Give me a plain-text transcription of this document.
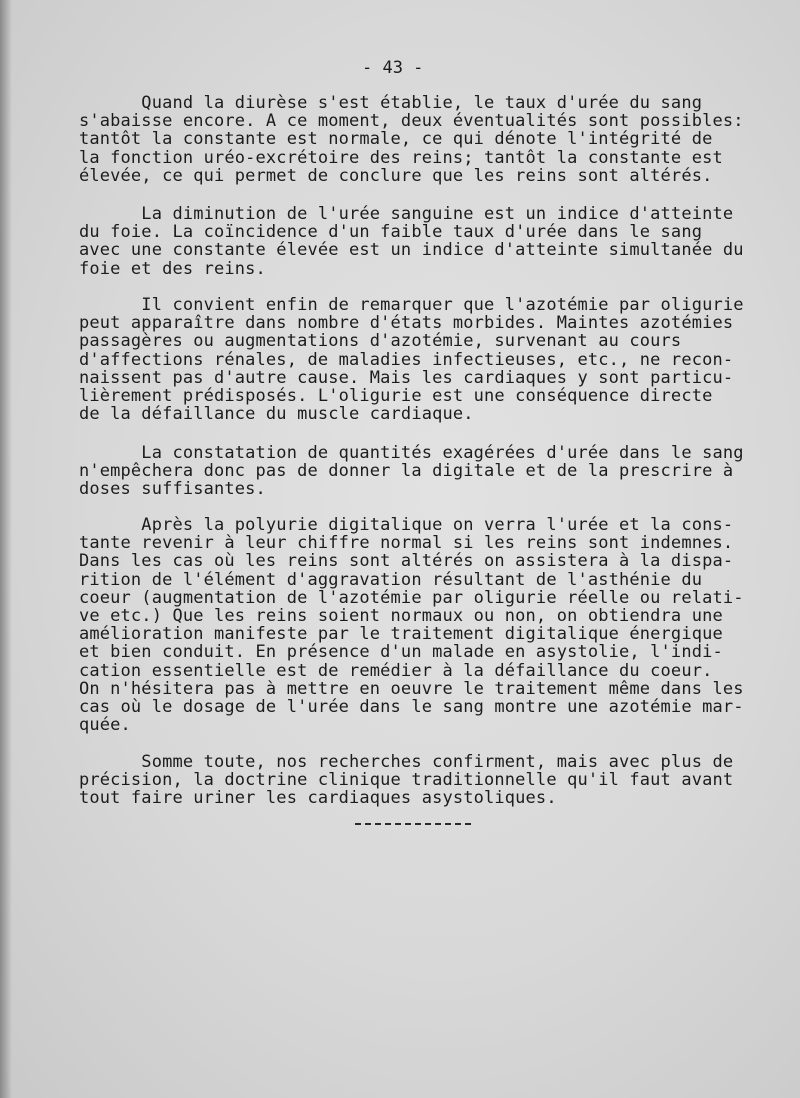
- 43 -

Quand la diurèse s'est établie, le taux d'urée du sang
s'abaisse encore. A ce moment, deux éventualités sont possibles:
tantôt la constante est normale, ce qui dénote l'intégrité de
la fonction uréo-excrétoire des reins; tantôt la constante est
élevée, ce qui permet de conclure que les reins sont altérés.

La diminution de l'urée sanguine est un indice d'atteinte
du foie. La coïncidence d'un faible taux d'urée dans le sang
avec une constante élevée est un indice d'atteinte simultanée du
foie et des reins.

Il convient enfin de remarquer que l'azotémie par oligurie
peut apparaître dans nombre d'états morbides. Maintes azotémies
passagères ou augmentations d'azotémie, survenant au cours
d'affections rénales, de maladies infectieuses, etc., ne recon-
naissent pas d'autre cause. Mais les cardiaques y sont particu-
lièrement prédisposés. L'oligurie est une conséquence directe
de la défaillance du muscle cardiaque.

La constatation de quantités exagérées d'urée dans le sang
n'empêchera donc pas de donner la digitale et de la prescrire à
doses suffisantes.

Après la polyurie digitalique on verra l'urée et la cons-
tante revenir à leur chiffre normal si les reins sont indemnes.
Dans les cas où les reins sont altérés on assistera à la dispa-
rition de l'élément d'aggravation résultant de l'asthénie du
coeur (augmentation de l'azotémie par oligurie réelle ou relati-
ve etc.) Que les reins soient normaux ou non, on obtiendra une
amélioration manifeste par le traitement digitalique énergique
et bien conduit. En présence d'un malade en asystolie, l'indi-
cation essentielle est de remédier à la défaillance du coeur.
On n'hésitera pas à mettre en oeuvre le traitement même dans les
cas où le dosage de l'urée dans le sang montre une azotémie mar-
quée.

Somme toute, nos recherches confirment, mais avec plus de
précision, la doctrine clinique traditionnelle qu'il faut avant
tout faire uriner les cardiaques asystoliques.
